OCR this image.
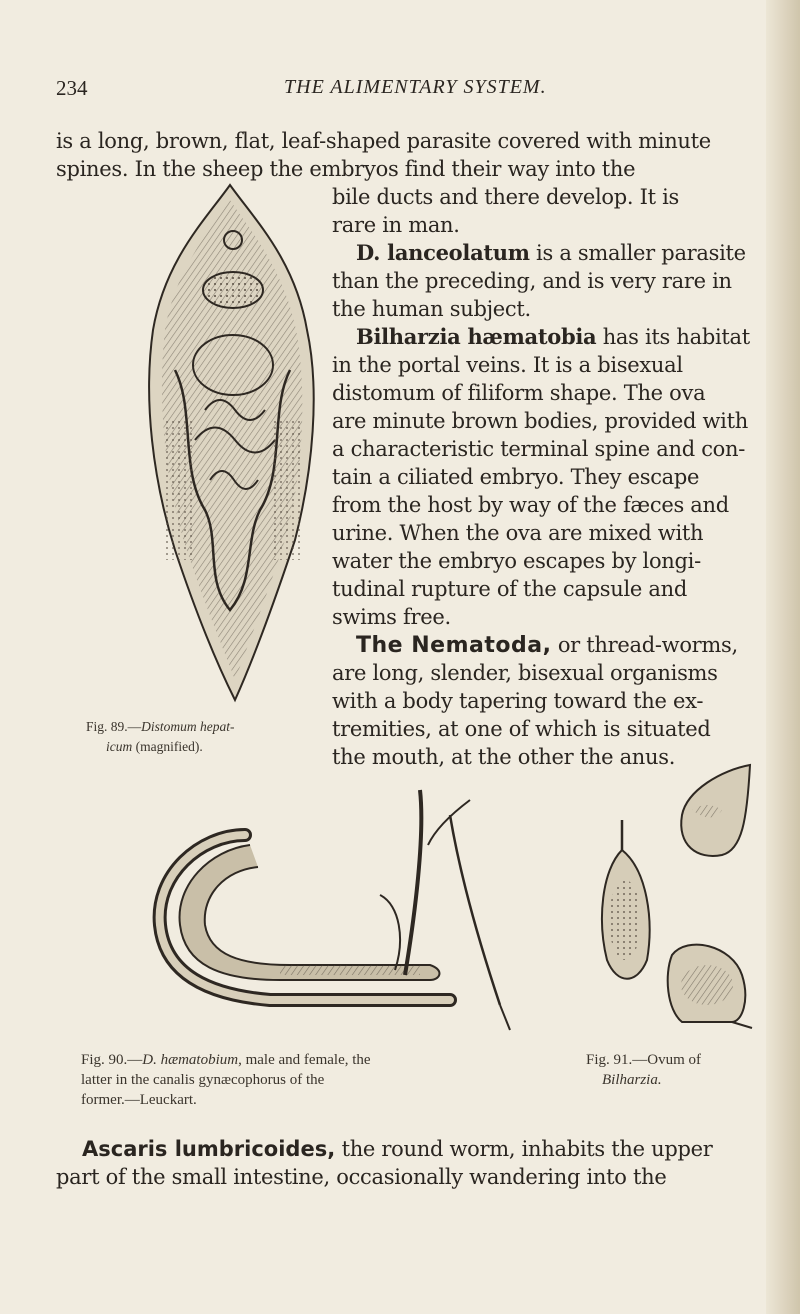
234	THE ALIMENTARY SYSTEM.
is a long, brown, flat, leaf-shaped parasite covered with minute
spines. In the sheep the embryos find their way into the
bile ducts and there develop. It is
rare in man.
D. lanceolatum is a smaller parasite
than the preceding, and is very rare in
the human subject.
Bilharzia hæmatobia has its habitat
in the portal veins. It is a bisexual
distomum of filiform shape. The ova
are minute brown bodies, provided with
a characteristic terminal spine and con-
tain a ciliated embryo. They escape
from the host by way of the fæces and
urine. When the ova are mixed with
water the embryo escapes by longi-
tudinal rupture of the capsule and
swims free.
The Nematoda, or thread-worms,
are long, slender, bisexual organisms
with a body tapering toward the ex-
tremities, at one of which is situated
the mouth, at the other the anus.
Fig. 89.—Distomum hepat-
icum (magnified).
Fig. 90.—D. hæmatobium, male and female, the
latter in the canalis gynæcophorus of the
former.—Leuckart.
Fig. 91.—Ovum of
Bilharzia.
Ascaris lumbricoides, the round worm, inhabits the upper
part of the small intestine, occasionally wandering into the
